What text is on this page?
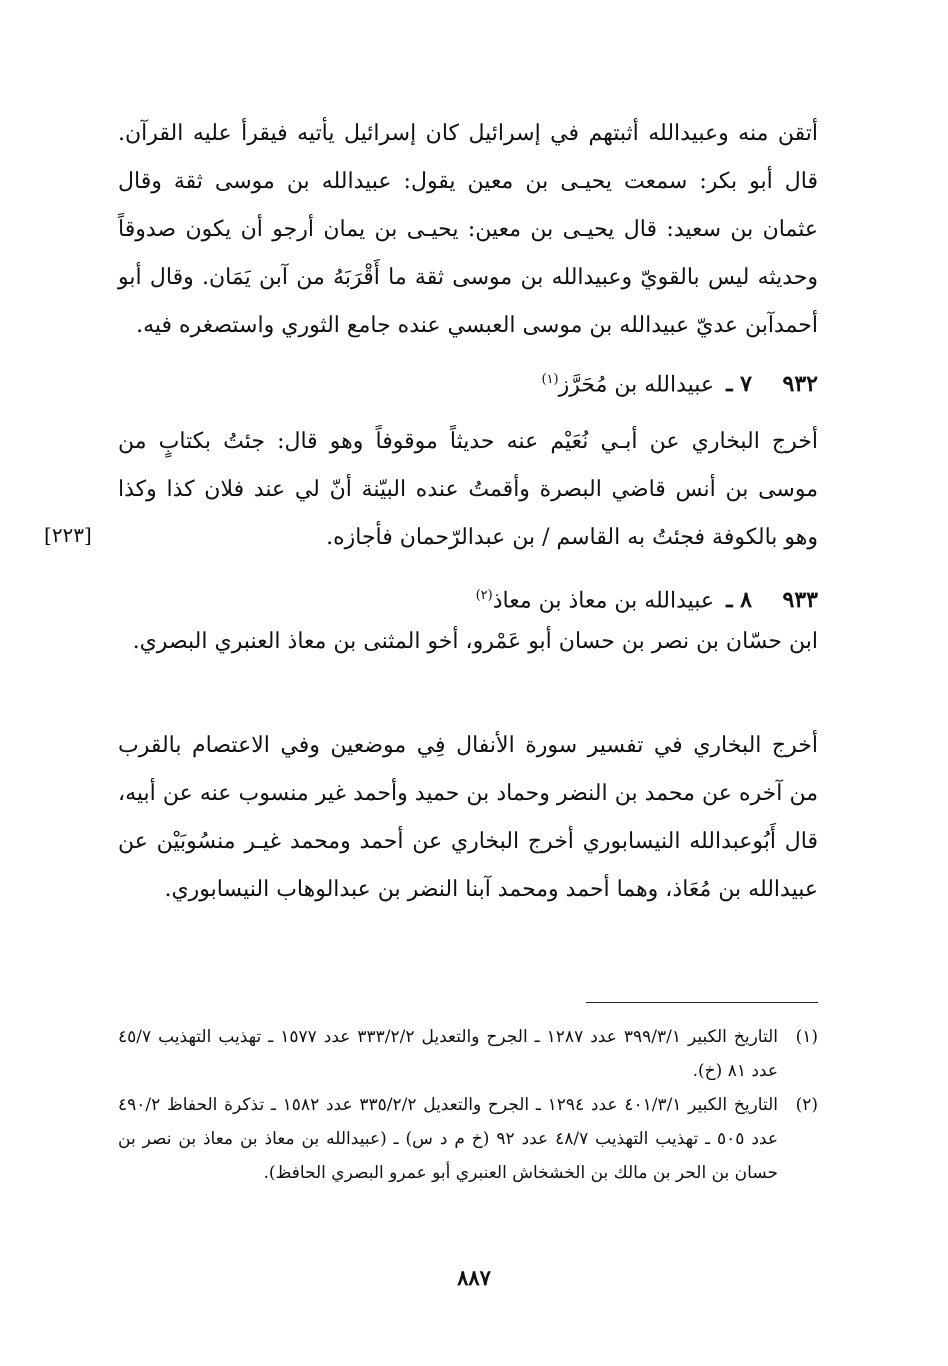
أتقن منه وعبيدالله أثبتهم في إسرائيل كان إسرائيل يأتيه فيقرأ عليه القرآن. قال أبو بكر: سمعت يحيـى بن معين يقول: عبيدالله بن موسى ثقة وقال عثمان بن سعيد: قال يحيـى بن معين: يحيـى بن يمان أرجو أن يكون صدوقاً وحديثه ليس بالقويّ وعبيدالله بن موسى ثقة ما أَقْرَبَهُ من آبن يَمَان. وقال أبو أحمدآبن عديّ عبيدالله بن موسى العبسي عنده جامع الثوري واستصغره فيه.

٩٣٢٧ ـعبيدالله بن مُحَرَّز$^{(١)}$

أخرج البخاري عن أبـي نُعَيْم عنه حديثاً موقوفاً وهو قال: جئتُ بكتابٍ من موسى بن أنس قاضي البصرة وأقمتُ عنده البيّنة أنّ لي عند فلان كذا وكذا وهو بالكوفة فجئتُ به القاسم / بن عبدالرّحمان فأجازه.

[٢٢٣]
٩٣٣٨ ـعبيدالله بن معاذ بن معاذ$^{(٢)}$

ابن حسّان بن نصر بن حسان أبو عَمْرو، أخو المثنى بن معاذ العنبري البصري.

أخرج البخاري في تفسير سورة الأنفال فِي موضعين وفي الاعتصام بالقرب من آخره عن محمد بن النضر وحماد بن حميد وأحمد غير منسوب عنه عن أبيه، قال أَبُوعبدالله النيسابوري أخرج البخاري عن أحمد ومحمد غيـر منسُوبَيْن عن عبيدالله بن مُعَاذ، وهما أحمد ومحمد آبنا النضر بن عبدالوهاب النيسابوري.

(١)
التاريخ الكبير ٣٩٩/٣/١ عدد ١٢٨٧ ـ الجرح والتعديل ٣٣٣/٢/٢ عدد ١٥٧٧ ـ تهذيب التهذيب ٤٥/٧ عدد ٨١ (خ).
(٢)
التاريخ الكبير ٤٠١/٣/١ عدد ١٢٩٤ ـ الجرح والتعديل ٣٣٥/٢/٢ عدد ١٥٨٢ ـ تذكرة الحفاظ ٤٩٠/٢ عدد ٥٠٥ ـ تهذيب التهذيب ٤٨/٧ عدد ٩٢ (خ م د س) ـ (عبيدالله بن معاذ بن معاذ بن نصر بن حسان بن الحر بن مالك بن الخشخاش العنبري أبو عمرو البصري الحافظ).
٨٨٧
